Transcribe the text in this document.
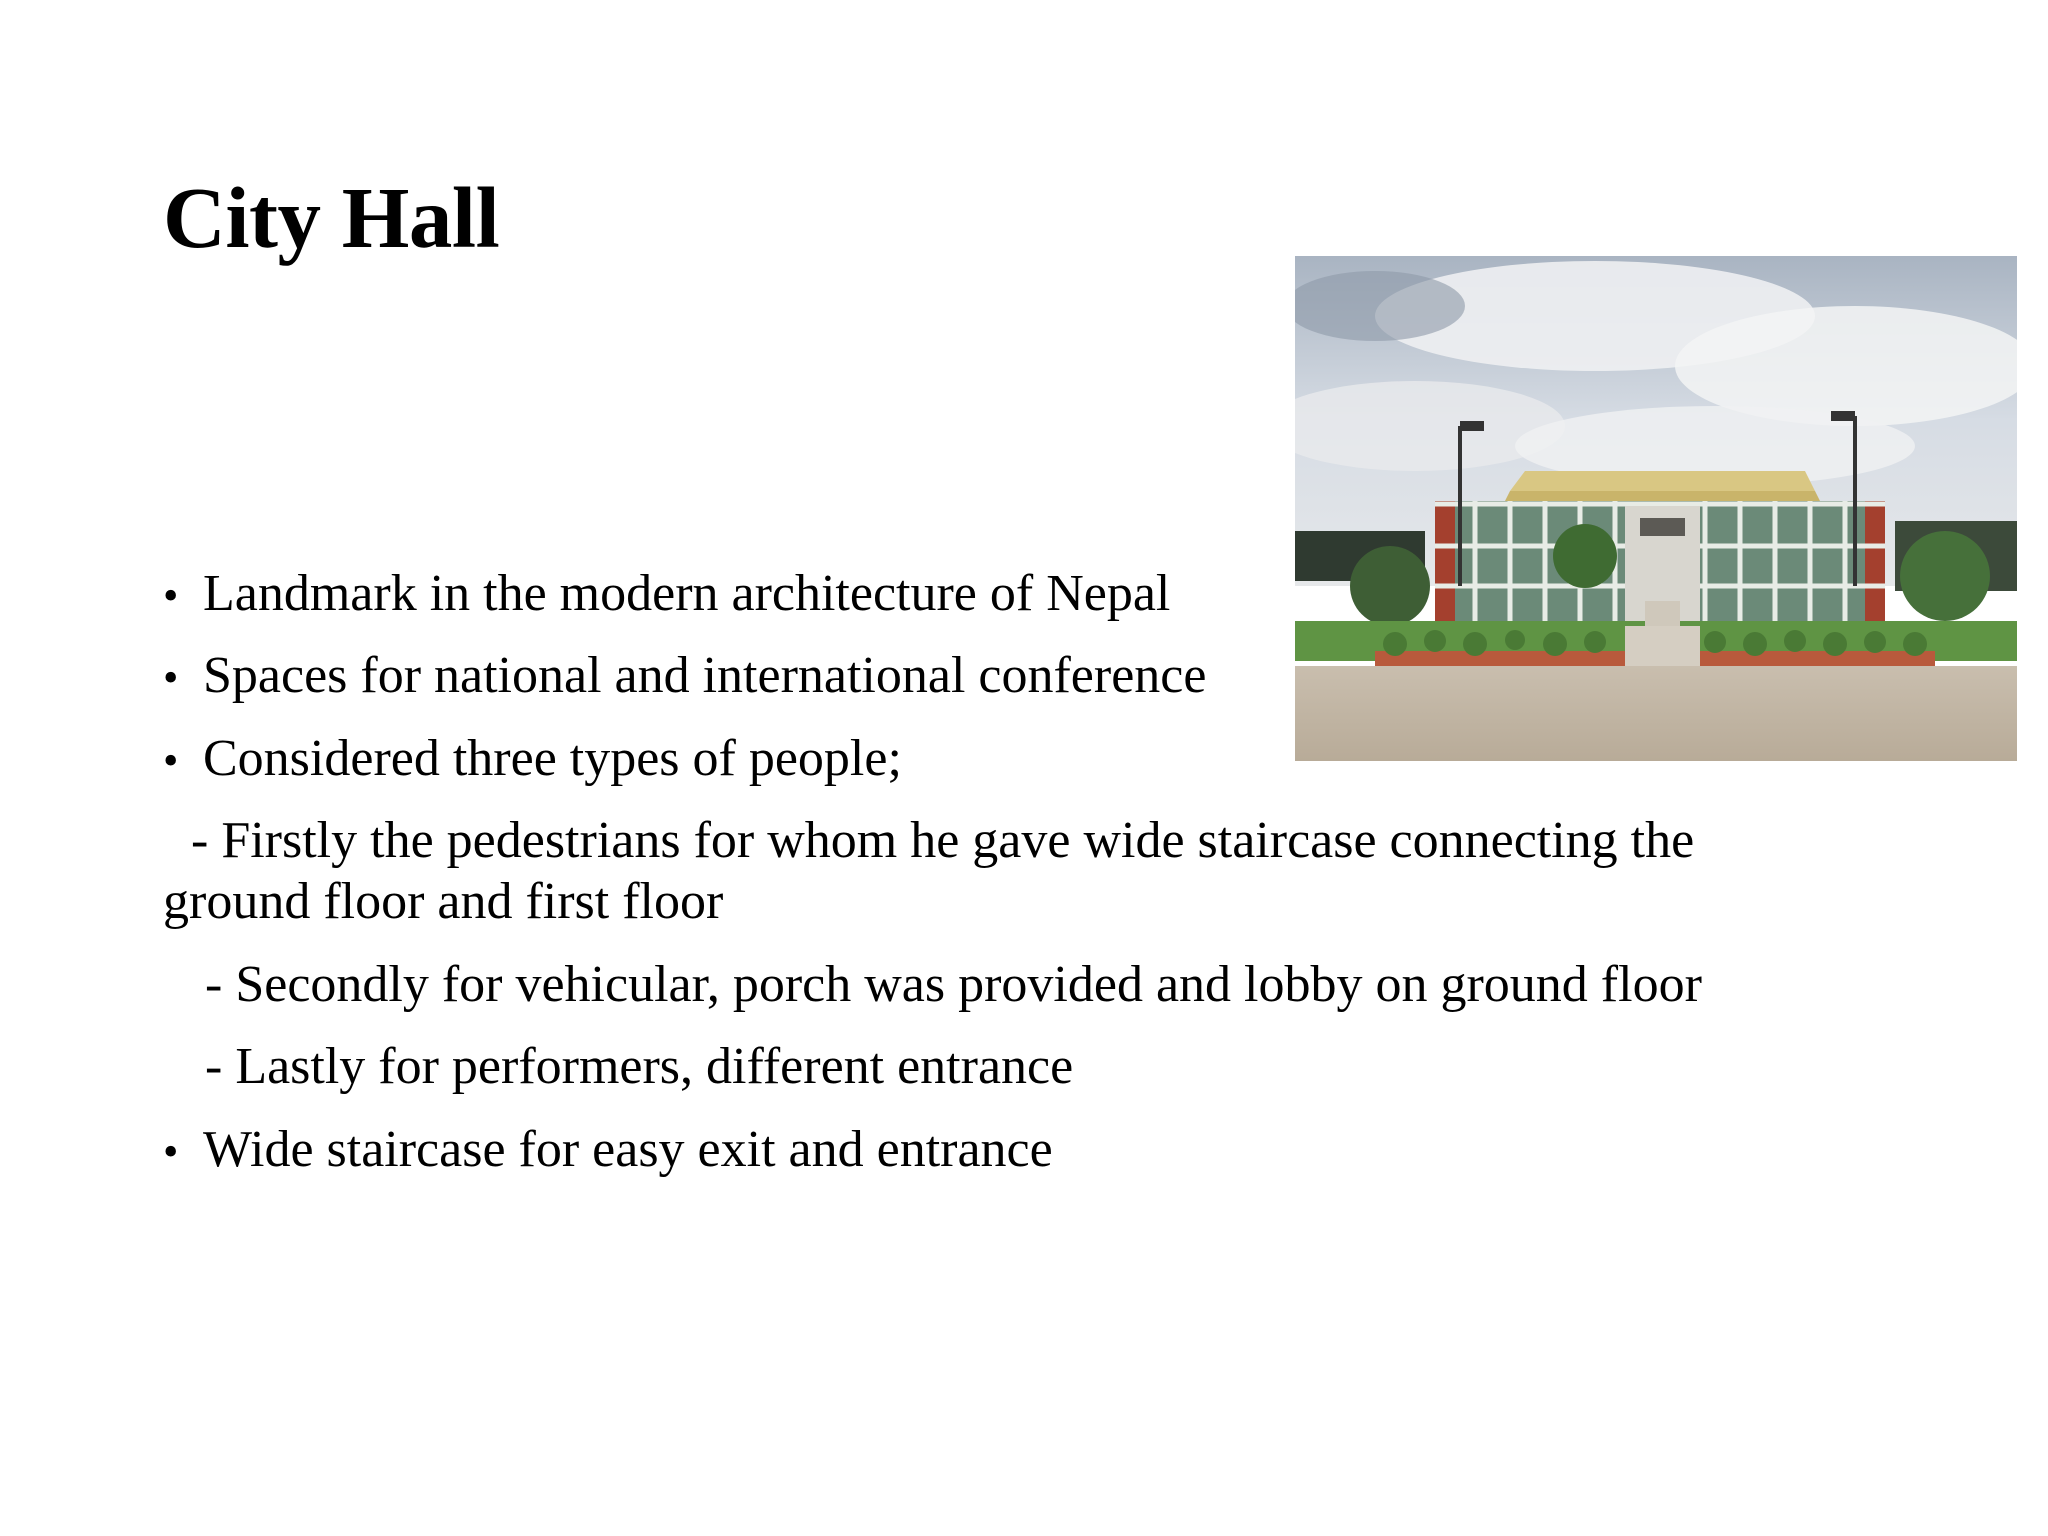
City Hall

• Landmark in the modern architecture of Nepal

• Spaces for national and international conference

• Considered three types of people;

- Firstly the pedestrians for whom he gave wide staircase connecting the

ground floor and first floor

- Secondly for vehicular, porch was provided and lobby on ground floor

- Lastly for performers, different entrance

• Wide staircase for easy exit and entrance
